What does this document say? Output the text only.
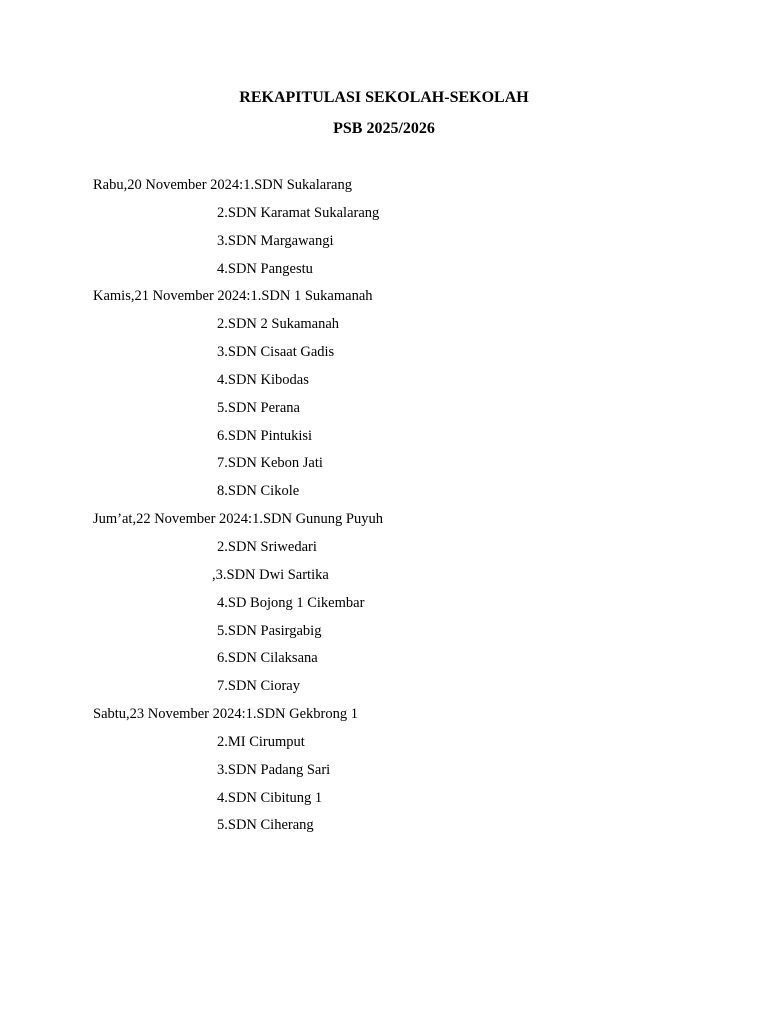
REKAPITULASI SEKOLAH-SEKOLAH
PSB 2025/2026
Rabu,20 November 2024:1.SDN Sukalarang
2.SDN Karamat Sukalarang
3.SDN Margawangi
4.SDN Pangestu
Kamis,21 November 2024:1.SDN 1 Sukamanah
2.SDN 2 Sukamanah
3.SDN Cisaat Gadis
4.SDN Kibodas
5.SDN Perana
6.SDN Pintukisi
7.SDN Kebon Jati
8.SDN Cikole
Jum’at,22 November 2024:1.SDN Gunung Puyuh
2.SDN Sriwedari
,3.SDN Dwi Sartika
4.SD Bojong 1 Cikembar
5.SDN Pasirgabig
6.SDN Cilaksana
7.SDN Cioray
Sabtu,23 November 2024:1.SDN Gekbrong 1
2.MI Cirumput
3.SDN Padang Sari
4.SDN Cibitung 1
5.SDN Ciherang
